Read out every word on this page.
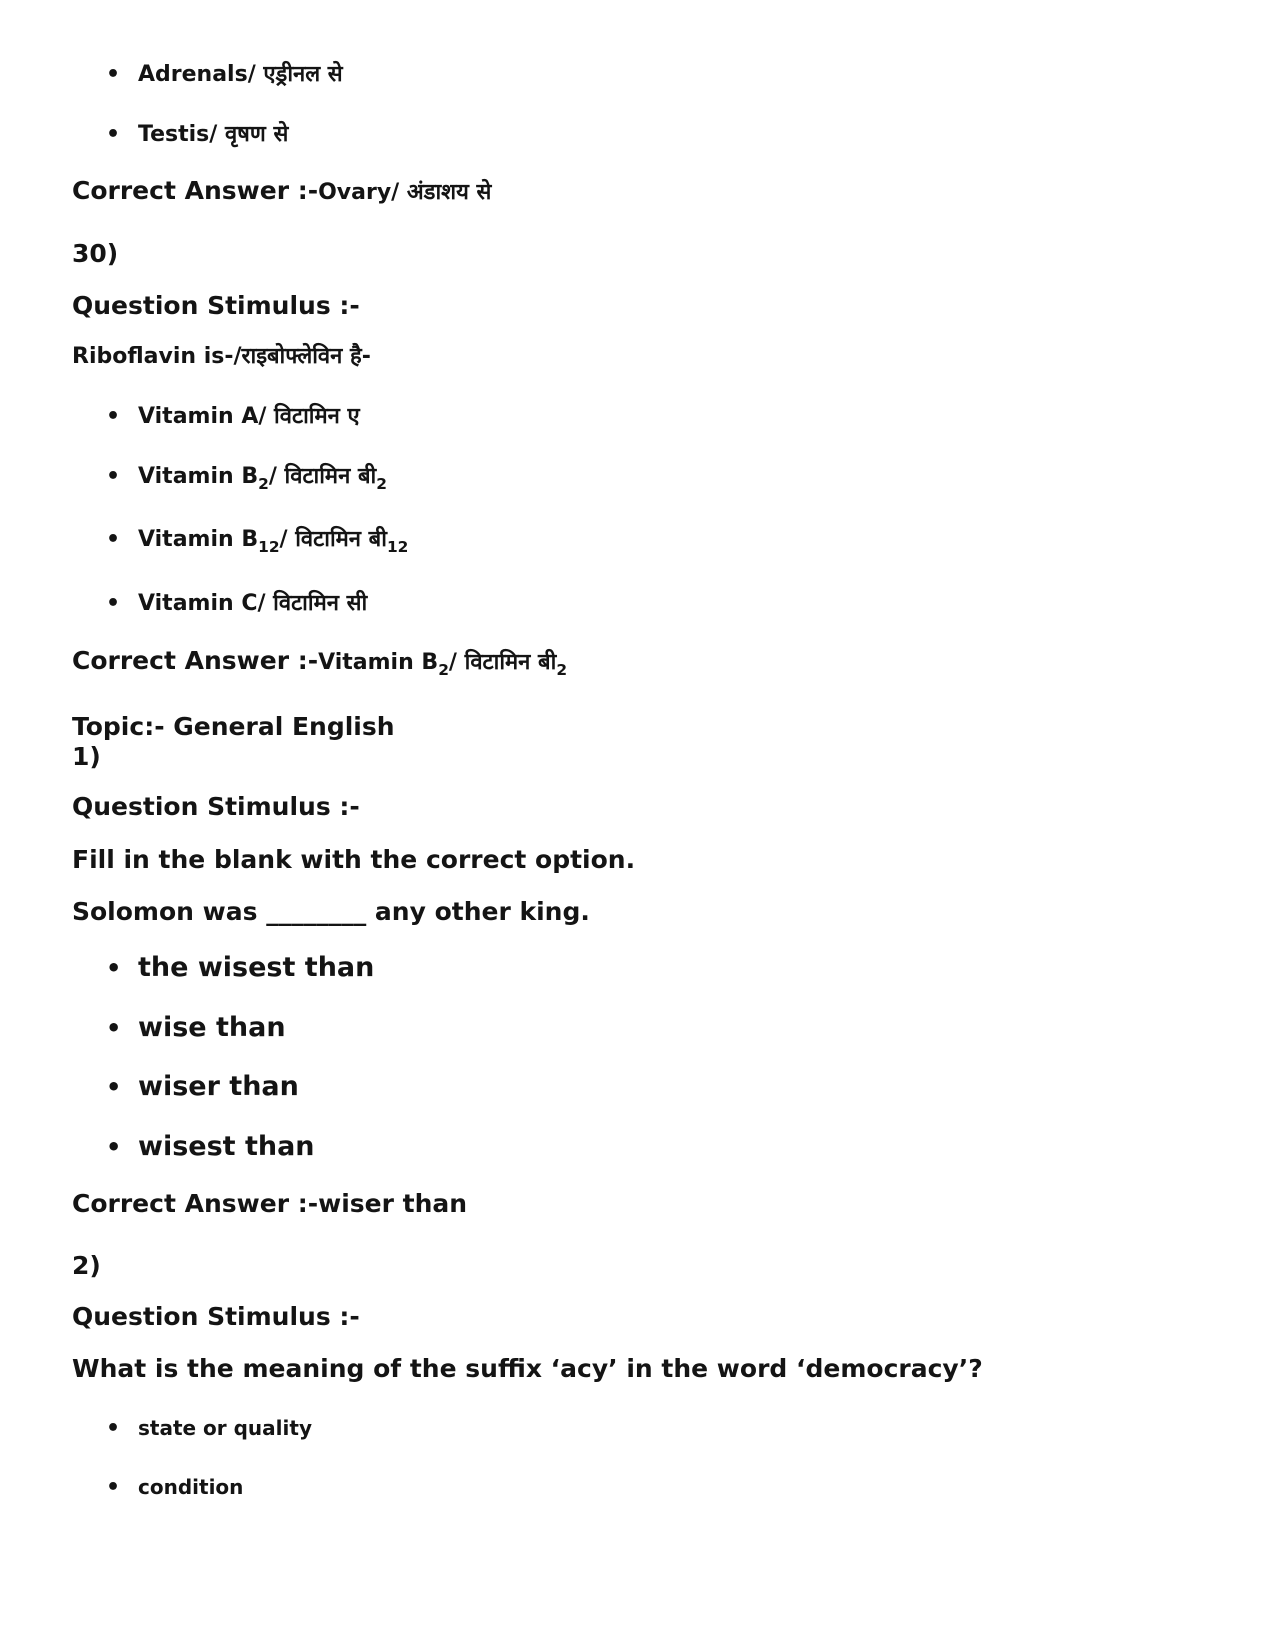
• Adrenals/ एड्रीनल से
• Testis/ वृषण से
Correct Answer :-Ovary/ अंडाशय से
30)
Question Stimulus :-
Riboflavin is-/राइबोफ्लेविन है-
• Vitamin A/ विटामिन ए
• Vitamin $B_2/$ विटामिन $बी_2$
• Vitamin $B_{12}/$ विटामिन $बी_{12}$
• Vitamin C/ विटामिन सी
Correct Answer :-Vitamin $B_2/$ विटामिन $बी_2$
Topic:- General English
1)
Question Stimulus :-
Fill in the blank with the correct option.
Solomon was ________ any other king.
• the wisest than
• wise than
• wiser than
• wisest than
Correct Answer :-wiser than
2)
Question Stimulus :-
What is the meaning of the suffix ‘acy’ in the word ‘democracy’?
• state or quality
• condition
